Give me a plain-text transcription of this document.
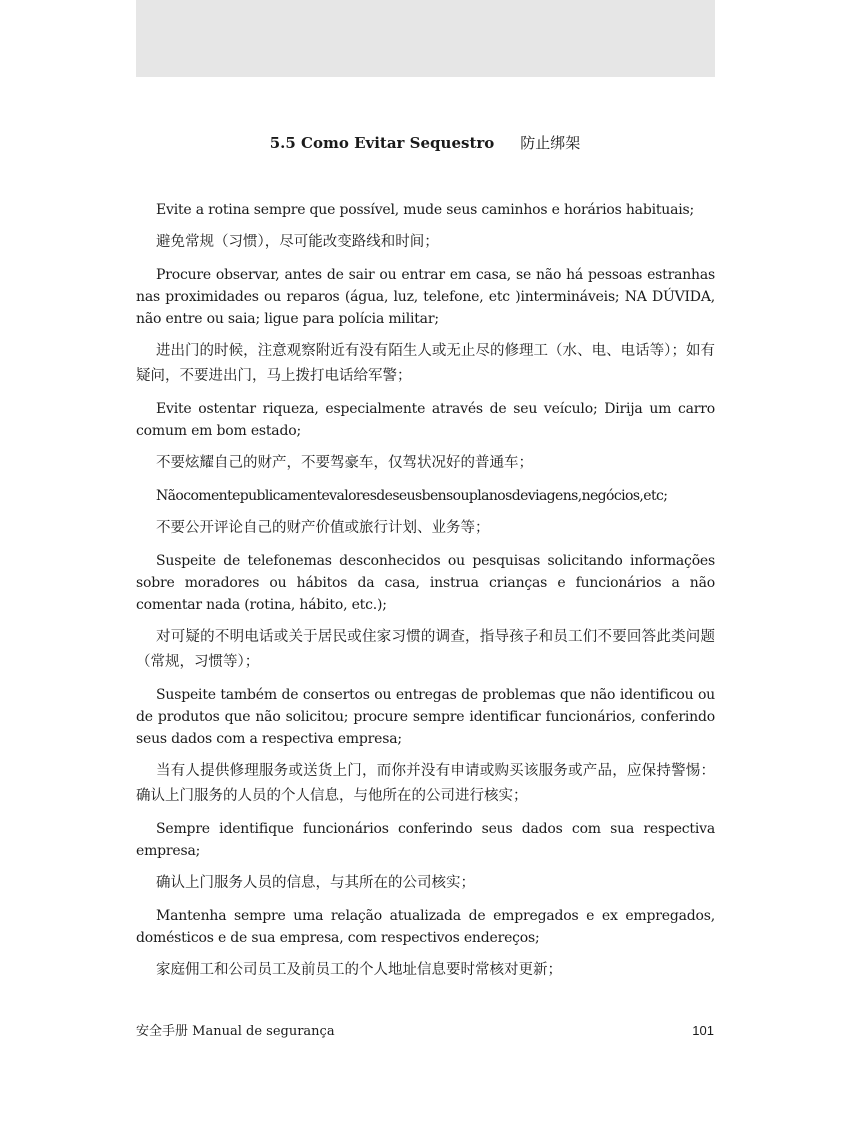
5.5 Como Evitar Sequestro 防止绑架

Evite a rotina sempre que possível, mude seus caminhos e horários habituais;

避免常规（习惯），尽可能改变路线和时间；

Procure observar, antes de sair ou entrar em casa, se não há pessoas estranhas nas proximidades ou reparos (água, luz, telefone, etc )intermináveis; NA DÚVIDA, não entre ou saia; ligue para polícia militar;

进出门的时候，注意观察附近有没有陌生人或无止尽的修理工（水、电、电话等）；如有疑问，不要进出门，马上拨打电话给军警；

Evite ostentar riqueza, especialmente através de seu veículo; Dirija um carro comum em bom estado;

不要炫耀自己的财产，不要驾豪车，仅驾状况好的普通车；

Nãocomentepublicamentevaloresdeseusbensouplanosdeviagens,negócios,etc;

不要公开评论自己的财产价值或旅行计划、业务等；

Suspeite de telefonemas desconhecidos ou pesquisas solicitando informações sobre moradores ou hábitos da casa, instrua crianças e funcionários a não comentar nada (rotina, hábito, etc.);

对可疑的不明电话或关于居民或住家习惯的调查，指导孩子和员工们不要回答此类问题（常规，习惯等）；

Suspeite também de consertos ou entregas de problemas que não identificou ou de produtos que não solicitou; procure sempre identificar funcionários, conferindo seus dados com a respectiva empresa;

当有人提供修理服务或送货上门，而你并没有申请或购买该服务或产品，应保持警惕：确认上门服务的人员的个人信息，与他所在的公司进行核实；

Sempre identifique funcionários conferindo seus dados com sua respectiva empresa;

确认上门服务人员的信息，与其所在的公司核实；

Mantenha sempre uma relação atualizada de empregados e ex empregados, domésticos e de sua empresa, com respectivos endereços;

家庭佣工和公司员工及前员工的个人地址信息要时常核对更新；

安全手册 Manual de segurança	101
